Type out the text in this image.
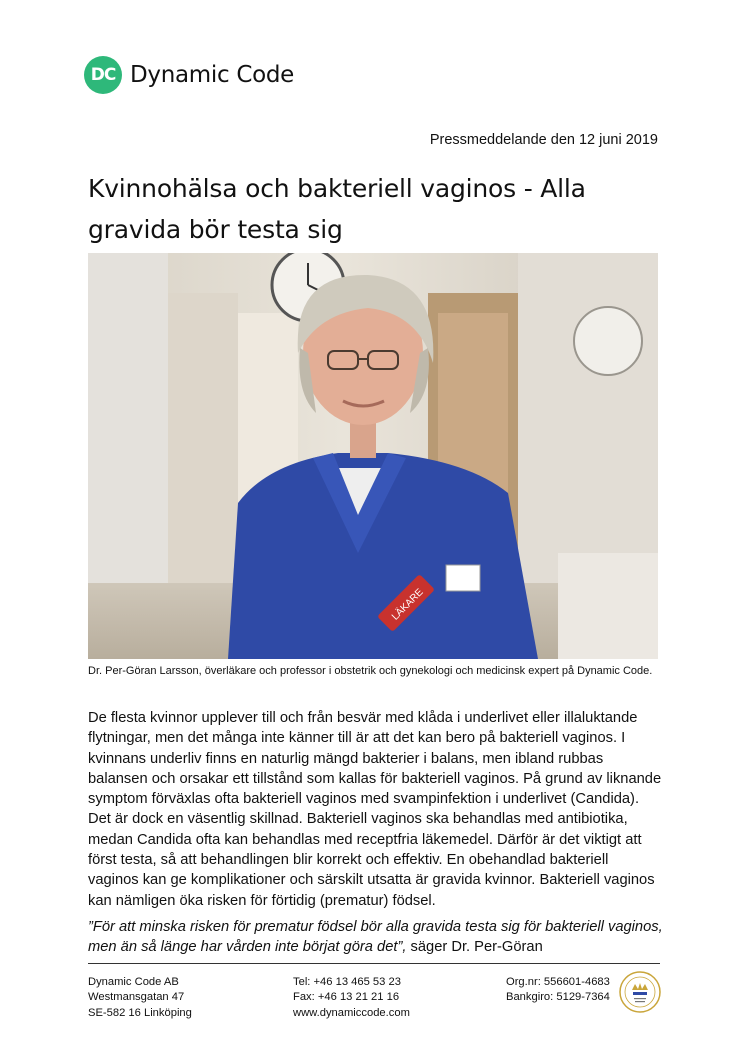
DC Dynamic Code
Pressmeddelande den 12 juni 2019
Kvinnohälsa och bakteriell vaginos - Alla gravida bör testa sig
LÄKARE
Dr. Per-Göran Larsson, överläkare och professor i obstetrik och gynekologi och medicinsk expert på Dynamic Code.

De flesta kvinnor upplever till och från besvär med klåda i underlivet eller illaluktande flytningar, men det många inte känner till är att det kan bero på bakteriell vaginos. I kvinnans underliv finns en naturlig mängd bakterier i balans, men ibland rubbas balansen och orsakar ett tillstånd som kallas för bakteriell vaginos. På grund av liknande symptom förväxlas ofta bakteriell vaginos med svampinfektion i underlivet (Candida). Det är dock en väsentlig skillnad. Bakteriell vaginos ska behandlas med antibiotika, medan Candida ofta kan behandlas med receptfria läkemedel. Därför är det viktigt att först testa, så att behandlingen blir korrekt och effektiv. En obehandlad bakteriell vaginos kan ge komplikationer och särskilt utsatta är gravida kvinnor. Bakteriell vaginos kan nämligen öka risken för förtidig (prematur) födsel.

”För att minska risken för prematur födsel bör alla gravida testa sig för bakteriell vaginos, men än så länge har vården inte börjat göra det”, säger Dr. Per-Göran

Dynamic Code AB
Westmansgatan 47
SE-582 16 Linköping
Tel: +46 13 465 53 23
Fax: +46 13 21 21 16
www.dynamiccode.com
Org.nr: 556601-4683
Bankgiro: 5129-7364
